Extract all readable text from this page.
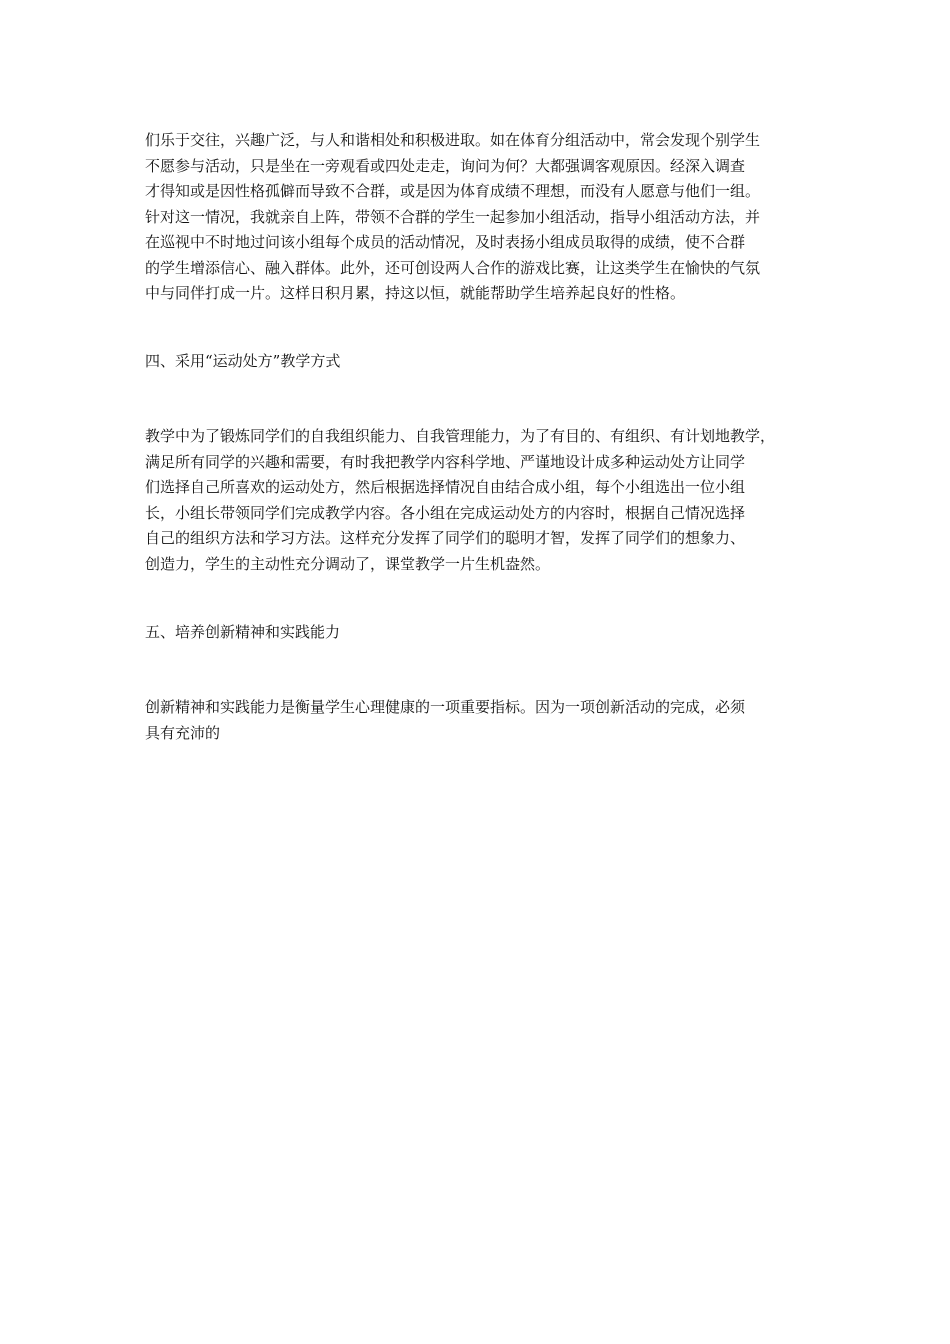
们乐于交往，兴趣广泛，与人和谐相处和积极进取。如在体育分组活动中，常会发现个别学生
不愿参与活动，只是坐在一旁观看或四处走走，询问为何？大都强调客观原因。经深入调查
才得知或是因性格孤僻而导致不合群，或是因为体育成绩不理想，而没有人愿意与他们一组。
针对这一情况，我就亲自上阵，带领不合群的学生一起参加小组活动，指导小组活动方法，并
在巡视中不时地过问该小组每个成员的活动情况，及时表扬小组成员取得的成绩，使不合群
的学生增添信心、融入群体。此外，还可创设两人合作的游戏比赛，让这类学生在愉快的气氛
中与同伴打成一片。这样日积月累，持这以恒，就能帮助学生培养起良好的性格。
四、采用“运动处方”教学方式
教学中为了锻炼同学们的自我组织能力、自我管理能力，为了有目的、有组织、有计划地教学，
满足所有同学的兴趣和需要，有时我把教学内容科学地、严谨地设计成多种运动处方让同学
们选择自己所喜欢的运动处方，然后根据选择情况自由结合成小组，每个小组选出一位小组
长，小组长带领同学们完成教学内容。各小组在完成运动处方的内容时，根据自己情况选择
自己的组织方法和学习方法。这样充分发挥了同学们的聪明才智，发挥了同学们的想象力、
创造力，学生的主动性充分调动了，课堂教学一片生机盎然。
五、培养创新精神和实践能力
创新精神和实践能力是衡量学生心理健康的一项重要指标。因为一项创新活动的完成，必须
具有充沛的
